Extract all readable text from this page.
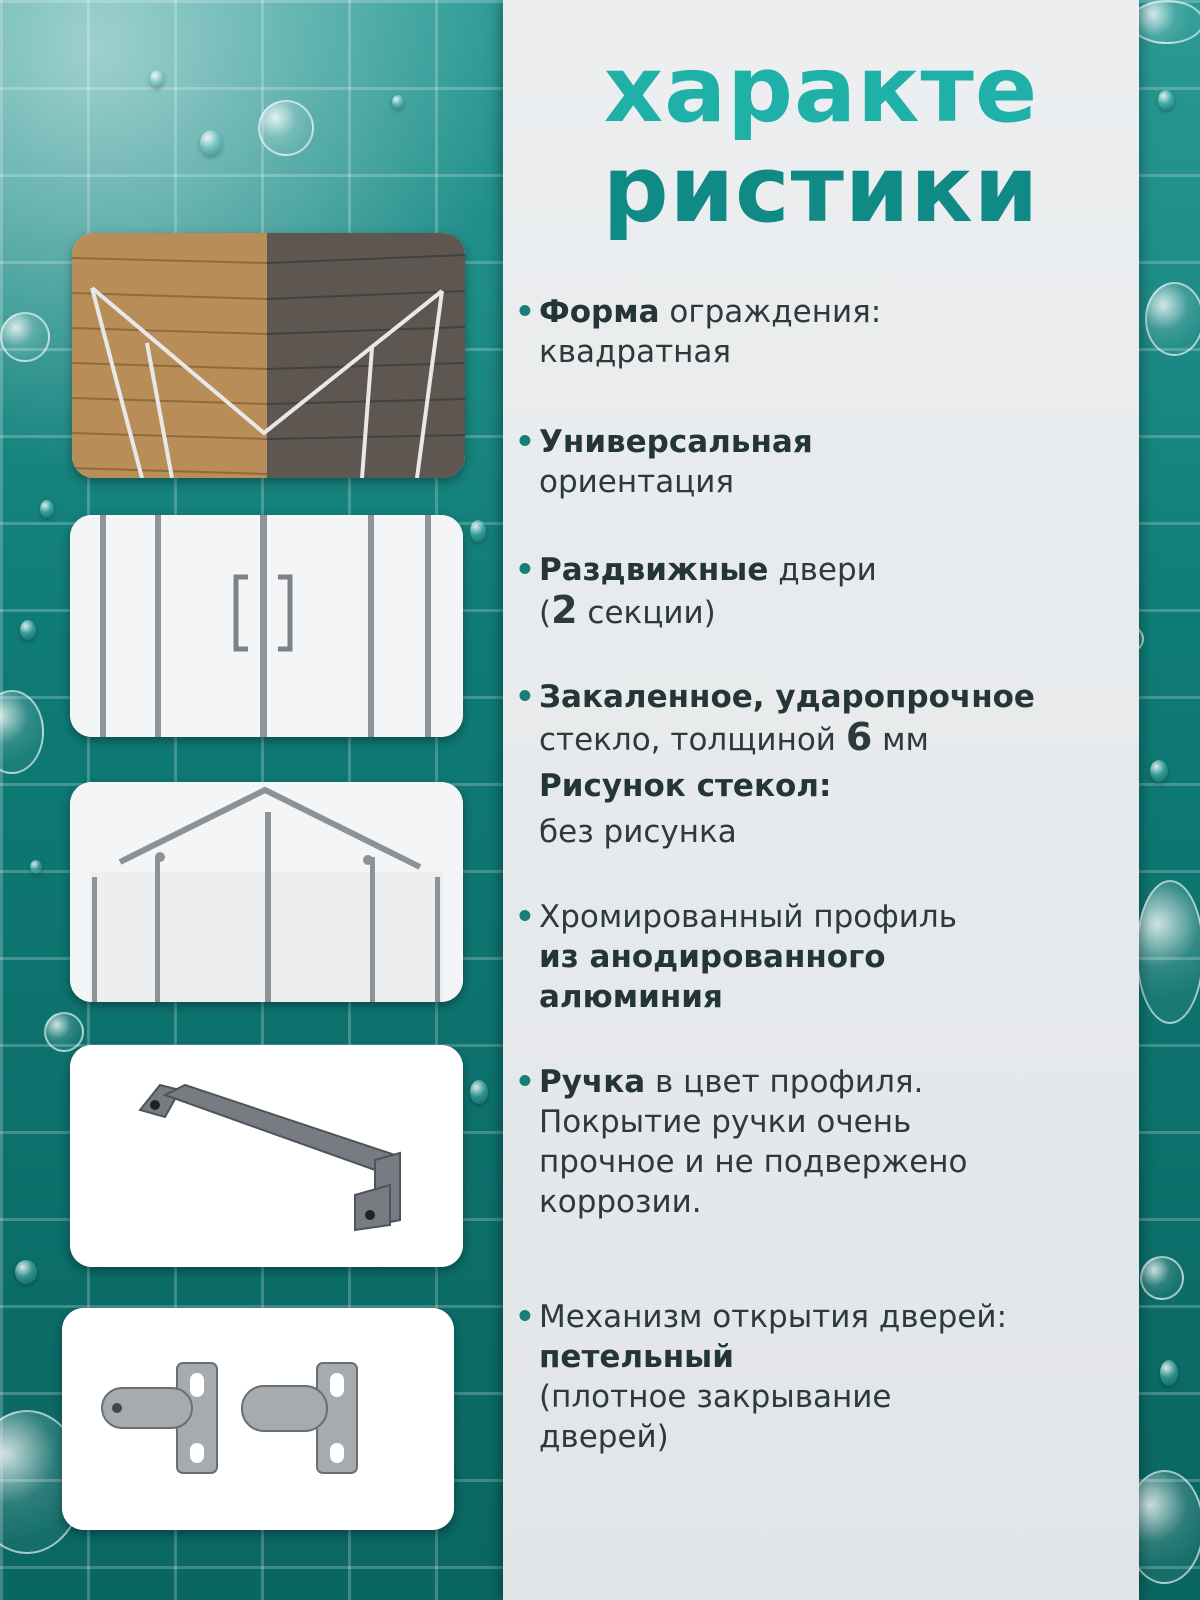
характе
ристики
• Форма ограждения:
квадратная
• Универсальная
ориентация
• Раздвижные двери
(2 секции)
• Закаленное, ударопрочное
стекло, толщиной 6 мм
Рисунок стекол:
без рисунка
• Хромированный профиль
из анодированного
алюминия
• Ручка в цвет профиля.
Покрытие ручки очень
прочное и не подвержено
коррозии.
• Механизм открытия дверей:
петельный
(плотное закрывание
дверей)
